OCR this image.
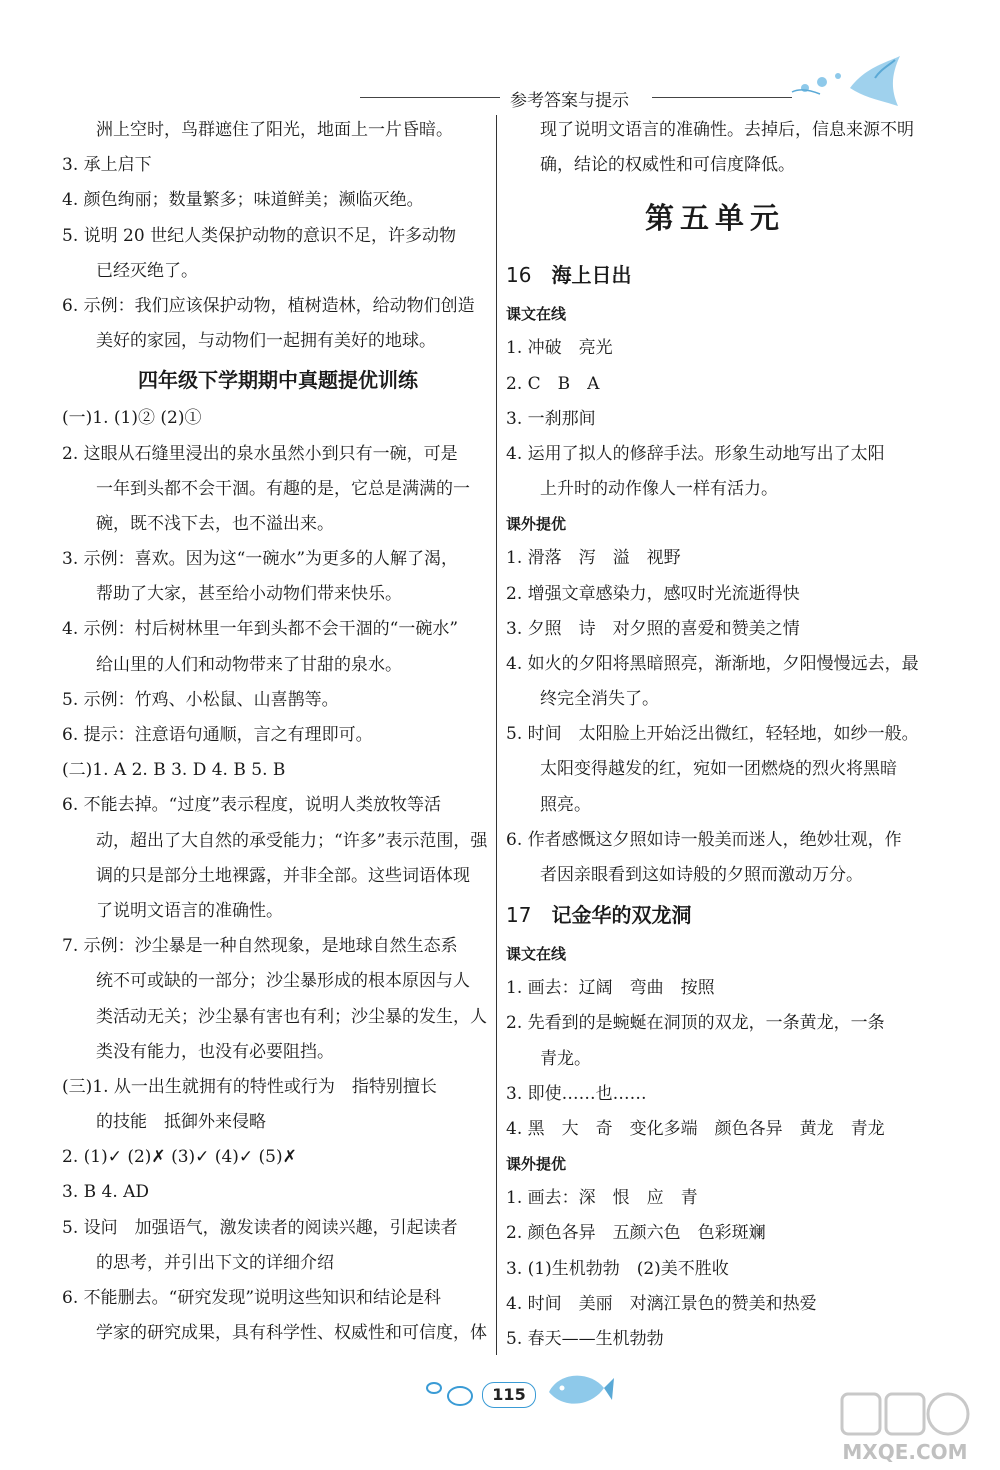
参考答案与提示
洲上空时，鸟群遮住了阳光，地面上一片昏暗。
3. 承上启下
4. 颜色绚丽；数量繁多；味道鲜美；濒临灭绝。
5. 说明 20 世纪人类保护动物的意识不足，许多动物
已经灭绝了。
6. 示例：我们应该保护动物，植树造林，给动物们创造
美好的家园，与动物们一起拥有美好的地球。
四年级下学期期中真题提优训练
(一)1. (1)② (2)①
2. 这眼从石缝里浸出的泉水虽然小到只有一碗，可是
一年到头都不会干涸。有趣的是，它总是满满的一
碗，既不浅下去，也不溢出来。
3. 示例：喜欢。因为这“一碗水”为更多的人解了渴，
帮助了大家，甚至给小动物们带来快乐。
4. 示例：村后树林里一年到头都不会干涸的“一碗水”
给山里的人们和动物带来了甘甜的泉水。
5. 示例：竹鸡、小松鼠、山喜鹊等。
6. 提示：注意语句通顺，言之有理即可。
(二)1. A 2. B 3. D 4. B 5. B
6. 不能去掉。“过度”表示程度，说明人类放牧等活
动，超出了大自然的承受能力；“许多”表示范围，强
调的只是部分土地裸露，并非全部。这些词语体现
了说明文语言的准确性。
7. 示例：沙尘暴是一种自然现象，是地球自然生态系
统不可或缺的一部分；沙尘暴形成的根本原因与人
类活动无关；沙尘暴有害也有利；沙尘暴的发生，人
类没有能力，也没有必要阻挡。
(三)1. 从一出生就拥有的特性或行为　指特别擅长
的技能　抵御外来侵略
2. (1)✓ (2)✗ (3)✓ (4)✓ (5)✗
3. B 4. AD
5. 设问　加强语气，激发读者的阅读兴趣，引起读者
的思考，并引出下文的详细介绍
6. 不能删去。“研究发现”说明这些知识和结论是科
学家的研究成果，具有科学性、权威性和可信度，体
现了说明文语言的准确性。去掉后，信息来源不明
确，结论的权威性和可信度降低。
第五单元
16 海上日出
课文在线
1. 冲破　亮光
2. C　B　A
3. 一刹那间
4. 运用了拟人的修辞手法。形象生动地写出了太阳
上升时的动作像人一样有活力。
课外提优
1. 滑落　泻　溢　视野
2. 增强文章感染力，感叹时光流逝得快
3. 夕照　诗　对夕照的喜爱和赞美之情
4. 如火的夕阳将黑暗照亮，渐渐地，夕阳慢慢远去，最
终完全消失了。
5. 时间　太阳脸上开始泛出微红，轻轻地，如纱一般。
太阳变得越发的红，宛如一团燃烧的烈火将黑暗
照亮。
6. 作者感慨这夕照如诗一般美而迷人，绝妙壮观，作
者因亲眼看到这如诗般的夕照而激动万分。
17 记金华的双龙洞
课文在线
1. 画去：辽阔　弯曲　按照
2. 先看到的是蜿蜒在洞顶的双龙，一条黄龙，一条
青龙。
3. 即使……也……
4. 黑　大　奇　变化多端　颜色各异　黄龙　青龙
课外提优
1. 画去：深　恨　应　青
2. 颜色各异　五颜六色　色彩斑斓
3. (1)生机勃勃　(2)美不胜收
4. 时间　美丽　对漓江景色的赞美和热爱
5. 春天——生机勃勃
115
MXQE.COM
